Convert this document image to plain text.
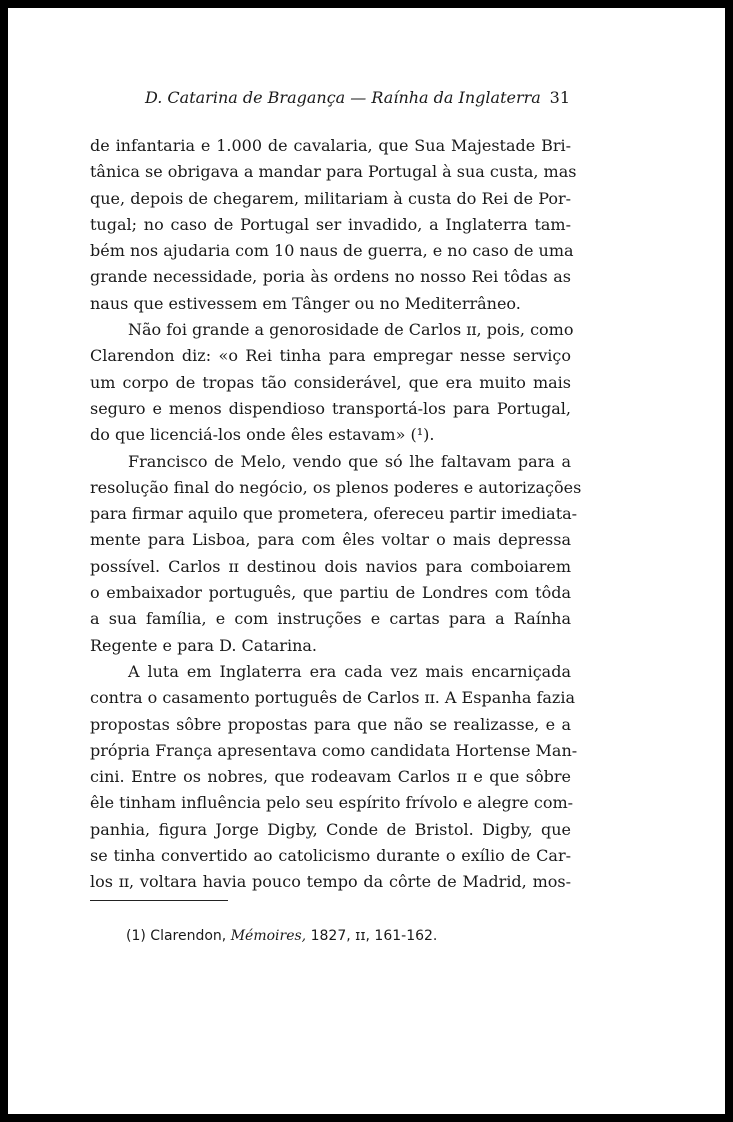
D. Catarina de Bragança — Raínha da Inglaterra 31
de infantaria e 1.000 de cavalaria, que Sua Majestade Bri-
tânica se obrigava a mandar para Portugal à sua custa, mas
que, depois de chegarem, militariam à custa do Rei de Por-
tugal; no caso de Portugal ser invadido, a Inglaterra tam-
bém nos ajudaria com 10 naus de guerra, e no caso de uma
grande necessidade, poria às ordens no nosso Rei tôdas as
naus que estivessem em Tânger ou no Mediterrâneo.
Não foi grande a genorosidade de Carlos ɪɪ, pois, como
Clarendon diz: «o Rei tinha para empregar nesse serviço
um corpo de tropas tão considerável, que era muito mais
seguro e menos dispendioso transportá-los para Portugal,
do que licenciá-los onde êles estavam» (¹).
Francisco de Melo, vendo que só lhe faltavam para a
resolução final do negócio, os plenos poderes e autorizações
para firmar aquilo que prometera, ofereceu partir imediata-
mente para Lisboa, para com êles voltar o mais depressa
possível. Carlos ɪɪ destinou dois navios para comboiarem
o embaixador português, que partiu de Londres com tôda
a sua família, e com instruções e cartas para a Raínha
Regente e para D. Catarina.
A luta em Inglaterra era cada vez mais encarniçada
contra o casamento português de Carlos ɪɪ. A Espanha fazia
propostas sôbre propostas para que não se realizasse, e a
própria França apresentava como candidata Hortense Man-
cini. Entre os nobres, que rodeavam Carlos ɪɪ e que sôbre
êle tinham influência pelo seu espírito frívolo e alegre com-
panhia, figura Jorge Digby, Conde de Bristol. Digby, que
se tinha convertido ao catolicismo durante o exílio de Car-
los ɪɪ, voltara havia pouco tempo da côrte de Madrid, mos-
(1) Clarendon, Mémoires, 1827, ɪɪ, 161-162.
